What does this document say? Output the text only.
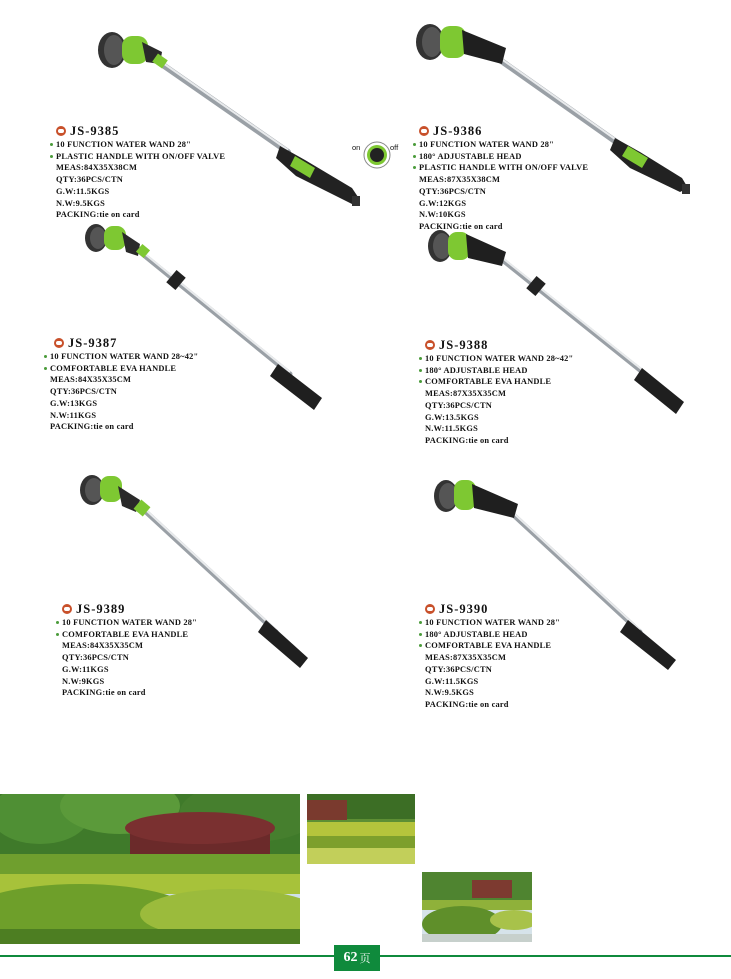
on	off
JS-9385
10 FUNCTION WATER WAND 28"
PLASTIC HANDLE WITH ON/OFF VALVE
MEAS:84X35X38CM
QTY:36PCS/CTN
G.W:11.5KGS
N.W:9.5KGS
PACKING:tie on card
JS-9386
10 FUNCTION WATER WAND 28"
180° ADJUSTABLE HEAD
PLASTIC HANDLE WITH ON/OFF VALVE
MEAS:87X35X38CM
QTY:36PCS/CTN
G.W:12KGS
N.W:10KGS
PACKING:tie on card
JS-9387
10 FUNCTION WATER WAND 28~42"
COMFORTABLE EVA HANDLE
MEAS:84X35X35CM
QTY:36PCS/CTN
G.W:13KGS
N.W:11KGS
PACKING:tie on card
JS-9388
10 FUNCTION WATER WAND 28~42"
180° ADJUSTABLE HEAD
COMFORTABLE EVA HANDLE
MEAS:87X35X35CM
QTY:36PCS/CTN
G.W:13.5KGS
N.W:11.5KGS
PACKING:tie on card
JS-9389
10 FUNCTION WATER WAND 28"
COMFORTABLE EVA HANDLE
MEAS:84X35X35CM
QTY:36PCS/CTN
G.W:11KGS
N.W:9KGS
PACKING:tie on card
JS-9390
10 FUNCTION WATER WAND 28"
180° ADJUSTABLE HEAD
COMFORTABLE EVA HANDLE
MEAS:87X35X35CM
QTY:36PCS/CTN
G.W:11.5KGS
N.W:9.5KGS
PACKING:tie on card
62 页
